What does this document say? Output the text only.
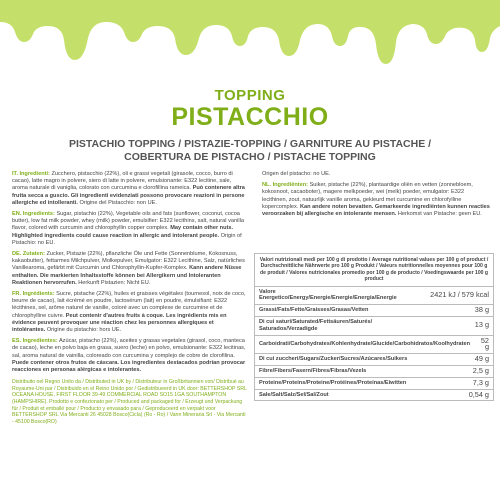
TOPPING
PISTACCHIO
PISTACHIO TOPPING / PISTAZIE-TOPPING / GARNITURE AU PISTACHE /
COBERTURA DE PISTACHO / PISTACHE TOPPING

IT. Ingredienti: Zucchero, pistacchio (22%), oli e grassi vegetali (girasole, cocco, burro di cacao), latte magro in polvere, siero di latte in polvere, emulsionante: E322 lecitine, sale, aroma naturale di vaniglia, colorato con curcumina e clorofillina rameica. Può contenere altra frutta secca a guscio. Gli ingredienti evidenziati possono provocare reazioni in persone allergiche ed intolleranti. Origine del Pistacchio: non UE.

EN. Ingredients: Sugar, pistachio (22%), Vegetable oils and fats (sunflower, coconut, cocoa butter), low fat milk powder, whey (milk) powder, emulsifier: E322 lecithins, salt, natural vanilla flavor, colored with curcumin and chlorophyllin copper complex. May contain other nuts. Highlighted ingredients could cause reaction in allergic and intolerant people. Origin of Pistachio: no EU.

DE. Zutaten: Zucker, Pistazie (22%), pflanzliche Öle und Fette (Sonnenblume, Kokosnuss, kakaobutter), fettarmes Milchpulver, Molkepulver, Emulgator: E322 Lecithine, Salz, natürliches Vanillearoma, gefärbt mit Curcumin und Chlorophyllin-Kupfer-Komplex. Kann andere Nüsse enthalten. Die markierten Inhaltsstoffe können bei Allergikern und Intoleranten Reaktionen hervorrufen. Herkunft Pistazien: Nicht EU.

FR. Ingrédients: Sucre, pistache (22%), huiles et graisses végétales (tournesol, noix de coco, beurre de cacao), lait écrémé en poudre, lactosérum (lait) en poudre, émulsifiant: E322 lécithines, sel, arôme naturel de vanille, coloré avec un complexe de curcumine et de chlorophylline cuivre. Peut contenir d'autres fruits à coque. Les ingrédients mis en évidence peuvent provoquer une réaction chez les personnes allergiques et intolérantes. Origine du pistachio: hors UE.

ES. Ingredientes: Azúcar, pistacho (22%), aceites y grasas vegetales (girasol, coco, manteca de cacao), leche en polvo baja en grasa, suero (leche) en polvo, emulsionante: E322 lecitinas, sal, aroma natural de vainilla, coloreado con curcumina y complejo de cobre de clorofilina. Puede contener otros frutos de cáscara. Los ingredientes destacados podrían provocar reacciones en personas alérgicas e intolerantes.

Distribuito nel Regno Unito da / Distributed in UK by / Distributeur in Großbritannien von/ Distribué au Royaume-Uni par / Distribuido en el Reino Unido por / Gedistribueerd in UK door: BETTERSHOP SRL OCEANA HOUSE, FIRST FLOOR 39-49 COMMERCIAL ROAD SO15 1GA SOUTHAMPTON (HAMPSHIRE). Prodotto e confezionato per / Produced and packaged for / Erzeugt und Verpackung für / Produit et emballé pour / Producto y envasado para / Geproduceerd en verpakt voor BETTERSHOP SRL Via Mercanti 26 45028 Bosco(Cicla) (Ro - Ro) / Vann Mineraria Srl - Via Mercanti - 45100 Bosco(RO)

Origen del pistacho: no UE.

NL. Ingrediënten: Suiker, pistache (22%), plantaardige oliën en vetten (zonnebloem, kokosnoot, cacaoboter), magere melkpoeder, wei (melk) poeder, emulgator: E322 lecithinen, zout, natuurlijk vanille aroma, gekleurd met curcumine en chlorofylline kopercomplex. Kan andere noten bevatten. Gemarkeerde ingrediënten kunnen reacties veroorzaken bij allergische en intolerante mensen. Herkomst van Pistache: geen EU.

Valori nutrizionali medi per 100 g di prodotto / Average nutritional values per 100 g of product / Durchschnittliche Nährwerte pro 100 g Produkt / Valeurs nutritionnelles moyennes pour 100 g de produit / Valores nutricionales promedio por 100 g de producto / Voedingswaarde per 100 g product
Valore Energetico/Energy/Energie/Energie/Energia/Energie	2421 kJ / 579 kcal
Grassi/Fats/Fette/Graisses/Grasas/Vetten	38 g
Di cui saturi/Saturated/Fettsäuren/Saturés/ Saturados/Verzadigde	13 g
Carboidrati/Carbohydrates/Kohlenhydrate/Glucide/Carbohidratos/Koolhydraten	52 g
Di cui zuccheri/Sugars/Zucker/Sucres/Azúcares/Suikers	49 g
Fibre/Fibers/Fasern/Fibres/Fibras/Vezels	2,5 g
Proteine/Proteins/Proteine/Protéines/Proteínas/Eiwitten	7,3 g
Sale/Salt/Salz/Sel/Sal/Zout	0,54 g
